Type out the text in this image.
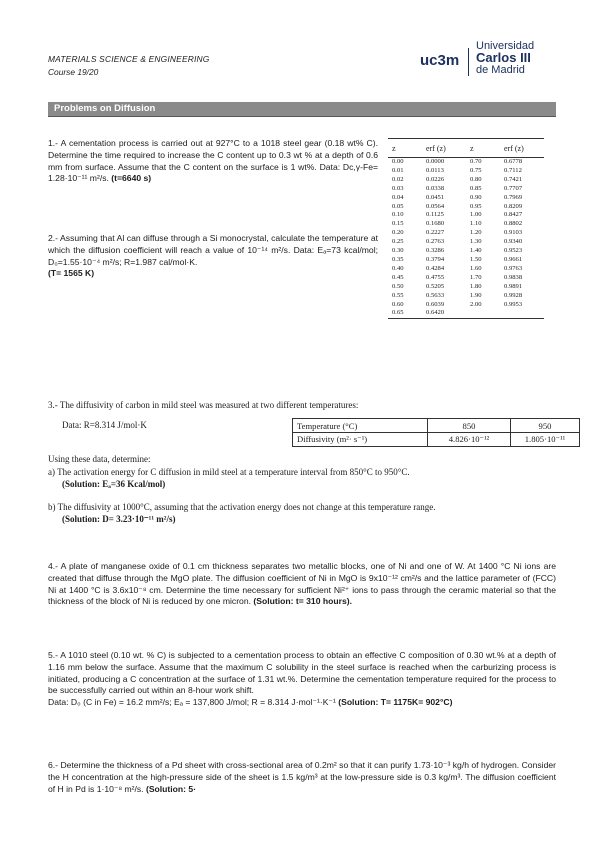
MATERIALS SCIENCE & ENGINEERING
Course 19/20
uc3m
Universidad
Carlos III
de Madrid
Problems on Diffusion
1.- A cementation process is carried out at 927°C to a 1018 steel gear (0.18 wt% C). Determine the time required to increase the C content up to 0.3 wt % at a depth of 0.6 mm from surface. Assume that the C content on the surface is 1 wt%. Data: Dc,γ-Fe= 1.28·10⁻¹¹ m²/s. (t=6640 s)
2.- Assuming that Al can diffuse through a Si monocrystal, calculate the temperature at which the diffusion coefficient will reach a value of 10⁻¹⁴ m²/s. Data: Eₐ=73 kcal/mol; D₀=1.55·10⁻⁴ m²/s; R=1.987 cal/mol·K.
(T= 1565 K)
z	erf (z)	z	erf (z)
0.00	0.0000	0.70	0.6778
0.01	0.0113	0.75	0.7112
0.02	0.0226	0.80	0.7421
0.03	0.0338	0.85	0.7707
0.04	0.0451	0.90	0.7969
0.05	0.0564	0.95	0.8209
0.10	0.1125	1.00	0.8427
0.15	0.1680	1.10	0.8802
0.20	0.2227	1.20	0.9103
0.25	0.2763	1.30	0.9340
0.30	0.3286	1.40	0.9523
0.35	0.3794	1.50	0.9661
0.40	0.4284	1.60	0.9763
0.45	0.4755	1.70	0.9838
0.50	0.5205	1.80	0.9891
0.55	0.5633	1.90	0.9928
0.60	0.6039	2.00	0.9953
0.65	0.6420		
3.- The diffusivity of carbon in mild steel was measured at two different temperatures:
Data: R=8.314 J/mol·K	Temperature (°C)	850	950
Diffusivity (m²· s⁻¹)	4.826·10⁻¹²	1.805·10⁻¹¹
Using these data, determine:
a) The activation energy for C diffusion in mild steel at a temperature interval from 850°C to 950°C.
(Solution: Eₐ=36 Kcal/mol)
b) The diffusivity at 1000°C, assuming that the activation energy does not change at this temperature range.
(Solution: D= 3.23·10⁻¹¹ m²/s)
4.- A plate of manganese oxide of 0.1 cm thickness separates two metallic blocks, one of Ni and one of W. At 1400 °C Ni ions are created that diffuse through the MgO plate. The diffusion coefficient of Ni in MgO is 9x10⁻¹² cm²/s and the lattice parameter of (FCC) Ni at 1400 °C is 3.6x10⁻⁸ cm. Determine the time necessary for sufficient Ni²⁺ ions to pass through the ceramic material so that the thickness of the block of Ni is reduced by one micron. (Solution: t= 310 hours).
5.- A 1010 steel (0.10 wt. % C) is subjected to a cementation process to obtain an effective C composition of 0.30 wt.% at a depth of 1.16 mm below the surface. Assume that the maximum C solubility in the steel surface is reached when the carburizing process is initiated, producing a C concentration at the surface of 1.31 wt.%. Determine the cementation temperature required for the process to be successfully carried out within an 8-hour work shift.
Data: D₀ (C in Fe) = 16.2 mm²/s; Eₐ = 137,800 J/mol; R = 8.314 J·mol⁻¹·K⁻¹ (Solution: T= 1175K= 902°C)
6.- Determine the thickness of a Pd sheet with cross-sectional area of 0.2m² so that it can purify 1.73·10⁻³ kg/h of hydrogen. Consider the H concentration at the high-pressure side of the sheet is 1.5 kg/m³ at the low-pressure side is 0.3 kg/m³. The diffusion coefficient of H in Pd is 1·10⁻⁸ m²/s. (Solution: 5·
